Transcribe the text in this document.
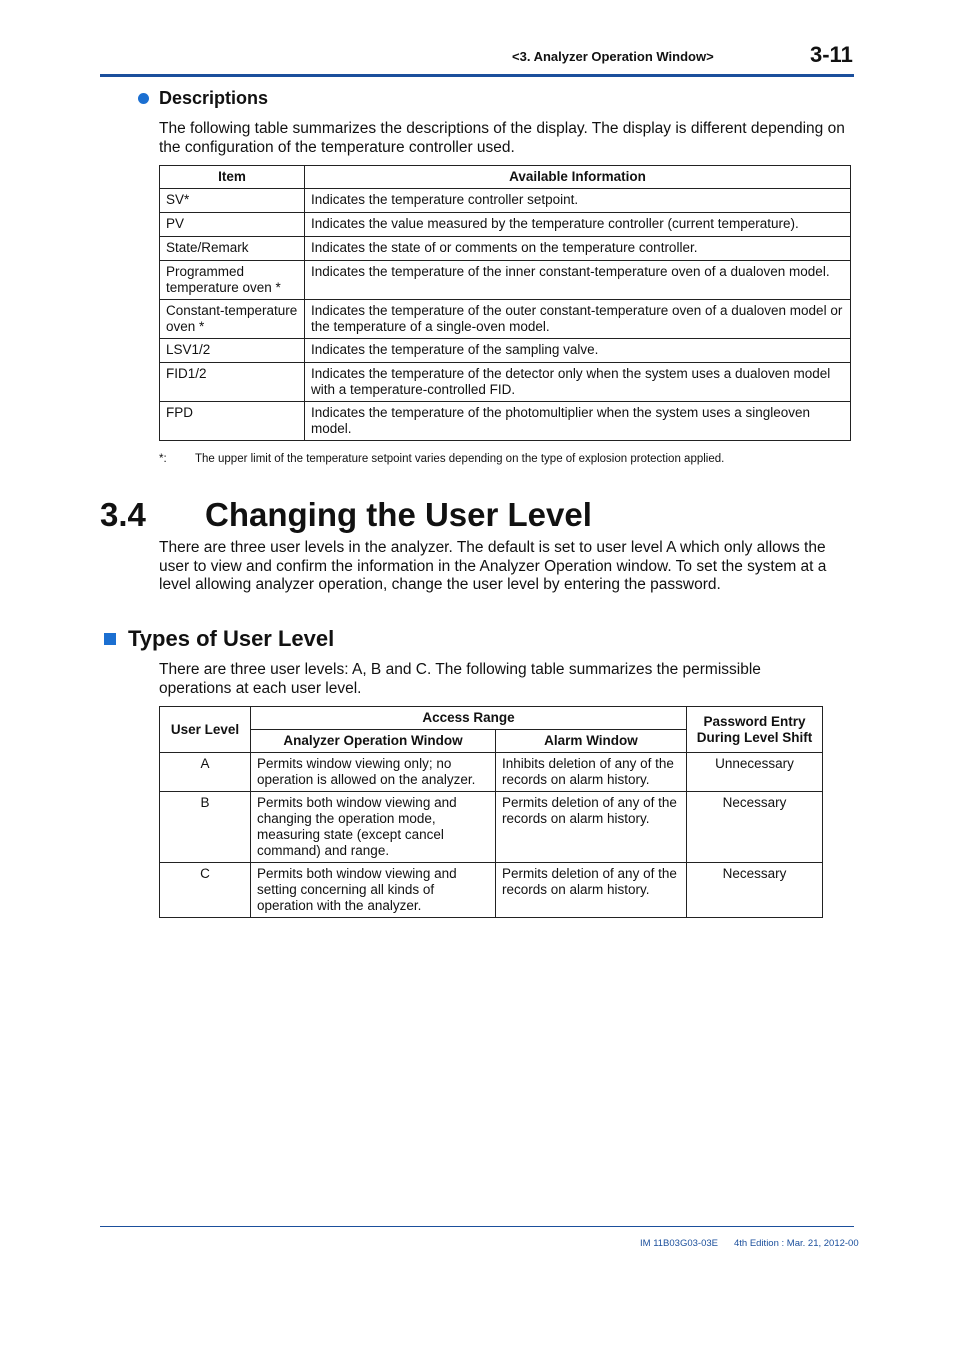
<3. Analyzer Operation Window>	3-11
Descriptions
The following table summarizes the descriptions of the display. The display is different depending on the configuration of the temperature controller used.
Item	Available Information
SV*	Indicates the temperature controller setpoint.
PV	Indicates the value measured by the temperature controller (current temperature).
State/Remark	Indicates the state of or comments on the temperature controller.
Programmed temperature oven *	Indicates the temperature of the inner constant-temperature oven of a dualoven model.
Constant-temperature oven *	Indicates the temperature of the outer constant-temperature oven of a dualoven model or the temperature of a single-oven model.
LSV1/2	Indicates the temperature of the sampling valve.
FID1/2	Indicates the temperature of the detector only when the system uses a dualoven model with a temperature-controlled FID.
FPD	Indicates the temperature of the photomultiplier when the system uses a singleoven model.
*: The upper limit of the temperature setpoint varies depending on the type of explosion protection applied.
3.4 Changing the User Level
There are three user levels in the analyzer. The default is set to user level A which only allows the user to view and confirm the information in the Analyzer Operation window. To set the system at a level allowing analyzer operation, change the user level by entering the password.
Types of User Level
There are three user levels: A, B and C. The following table summarizes the permissible operations at each user level.
User Level	Access Range		Password Entry During Level Shift
	Analyzer Operation Window	Alarm Window	
A	Permits window viewing only; no operation is allowed on the analyzer.	Inhibits deletion of any of the records on alarm history.	Unnecessary
B	Permits both window viewing and changing the operation mode, measuring state (except cancel command) and range.	Permits deletion of any of the records on alarm history.	Necessary
C	Permits both window viewing and setting concerning all kinds of operation with the analyzer.	Permits deletion of any of the records on alarm history.	Necessary
IM 11B03G03-03E 4th Edition : Mar. 21, 2012-00
